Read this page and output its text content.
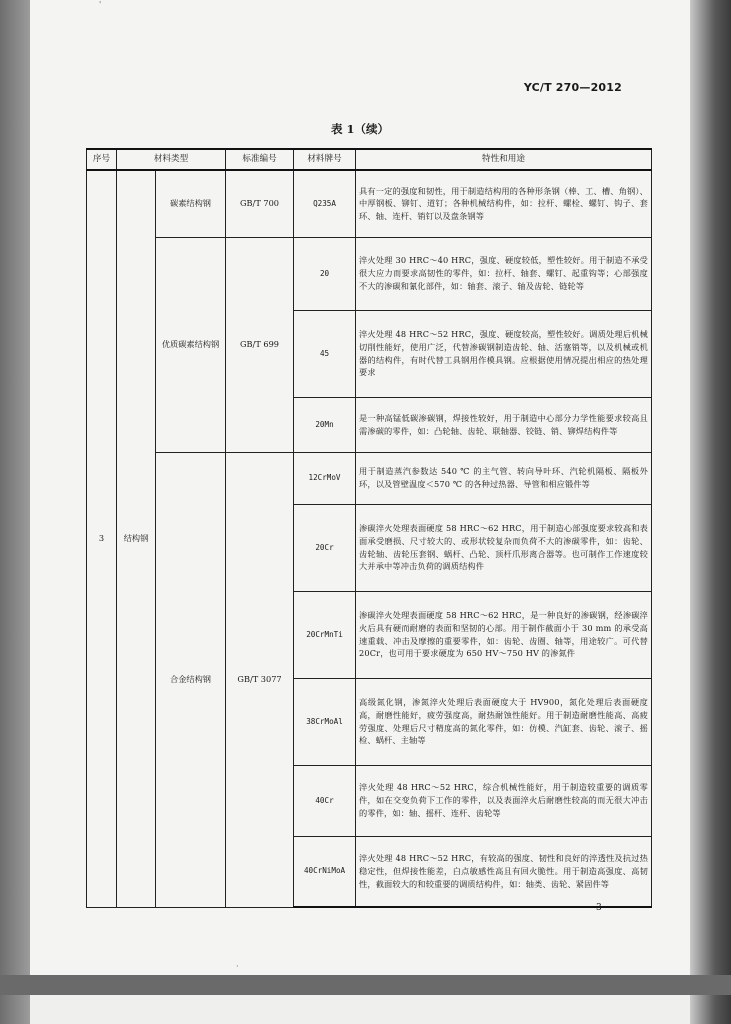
'
YC/T 270—2012
表 1（续）
序号	材料类型		标准编号	材料牌号	特性和用途
3	结构钢	碳素结构钢	GB/T 700	Q235A	具有一定的强度和韧性，用于制造结构用的各种形条钢（棒、工、槽、角钢）、中厚钢板、铆钉、道钉；各种机械结构件，如：拉杆、螺栓、螺钉、钩子、套环、轴、连杆、销钉以及盘条钢等
		优质碳素结构钢	GB/T 699	20	淬火处理 30 HRC～40 HRC，强度、硬度较低，塑性较好。用于制造不承受很大应力而要求高韧性的零件，如：拉杆、轴套、螺钉、起重钩等；心部强度不大的渗碳和氰化部件，如：轴套、滚子、轴及齿轮、链轮等
				45	淬火处理 48 HRC～52 HRC，强度、硬度较高，塑性较好。调质处理后机械切削性能好，使用广泛，代替渗碳钢制造齿轮、轴、活塞销等，以及机械或机器的结构件，有时代替工具钢用作模具钢。应根据使用情况提出相应的热处理要求
				20Mn	是一种高锰低碳渗碳钢，焊接性较好，用于制造中心部分力学性能要求较高且需渗碳的零件，如：凸轮轴、齿轮、联轴器、铰链、销、铆焊结构件等
		合金结构钢	GB/T 3077	12CrMoV	用于制造蒸汽参数达 540 ℃ 的主气管、转向导叶环、汽轮机隔板、隔板外环，以及管壁温度＜570 ℃ 的各种过热器、导管和相应锻件等
				20Cr	渗碳淬火处理表面硬度 58 HRC～62 HRC，用于制造心部强度要求较高和表面承受磨损、尺寸较大的、或形状较复杂而负荷不大的渗碳零件，如：齿轮、齿轮轴、齿轮压套钢、蜗杆、凸轮、顶杆爪形离合器等。也可制作工作速度较大并承中等冲击负荷的调质结构件
				20CrMnTi	渗碳淬火处理表面硬度 58 HRC～62 HRC，是一种良好的渗碳钢，经渗碳淬火后具有硬而耐磨的表面和坚韧的心部。用于制作截面小于 30 mm 的承受高速重载、冲击及摩擦的重要零件，如：齿轮、齿圈、轴等，用途较广。可代替 20Cr，也可用于要求硬度为 650 HV～750 HV 的渗氮件
				38CrMoAl	高级氮化钢，渗氮淬火处理后表面硬度大于 HV900，氮化处理后表面硬度高，耐磨性能好，疲劳强度高，耐热耐蚀性能好。用于制造耐磨性能高、高疲劳强度、处理后尺寸精度高的氮化零件，如：仿模、汽缸套、齿轮、滚子、摇检、蜗杆、主轴等
				40Cr	淬火处理 48 HRC～52 HRC，综合机械性能好，用于制造较重要的调质零件，如在交变负荷下工作的零件，以及表面淬火后耐磨性较高的而无很大冲击的零件，如：轴、摇杆、连杆、齿轮等
				40CrNiMoA	淬火处理 48 HRC～52 HRC，有较高的强度、韧性和良好的淬透性及抗过热稳定性，但焊接性能差，白点敏感性高且有回火脆性。用于制造高强度、高韧性，截面较大的和较重要的调质结构件，如：轴类、齿轮、紧固件等
3
·
